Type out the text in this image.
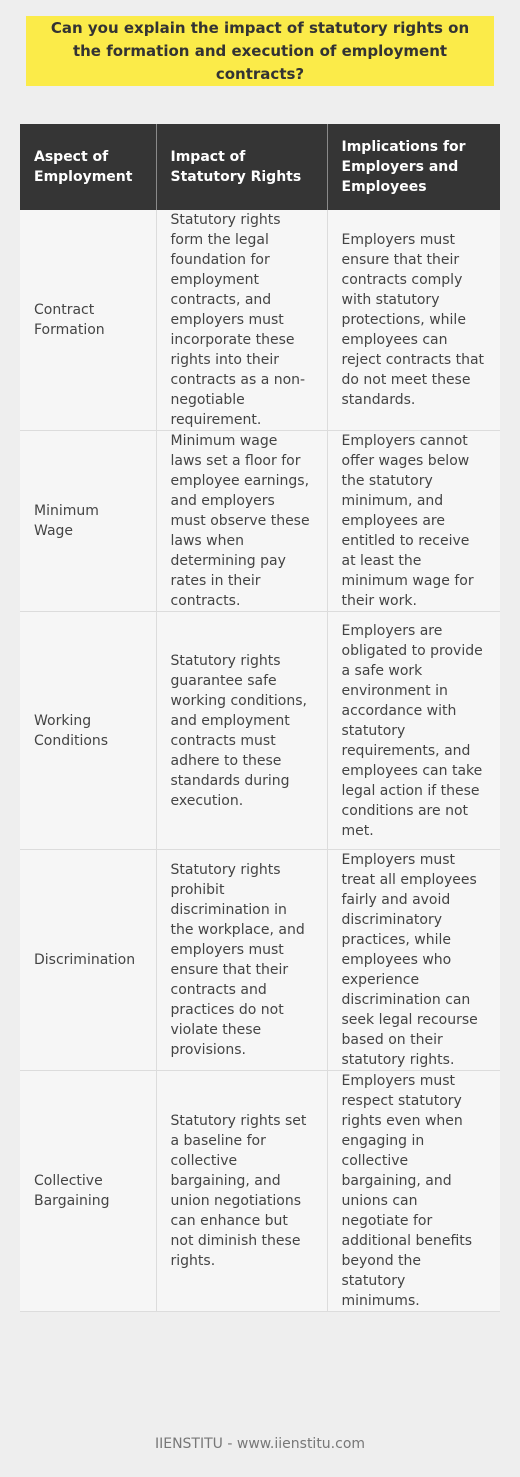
Can you explain the impact of statutory rights on the formation and execution of employment contracts?
Aspect of Employment	Impact of Statutory Rights	Implications for Employers and Employees
Contract Formation	Statutory rights form the legal foundation for employment contracts, and employers must incorporate these rights into their contracts as a non-negotiable requirement.	Employers must ensure that their contracts comply with statutory protections, while employees can reject contracts that do not meet these standards.
Minimum Wage	Minimum wage laws set a floor for employee earnings, and employers must observe these laws when determining pay rates in their contracts.	Employers cannot offer wages below the statutory minimum, and employees are entitled to receive at least the minimum wage for their work.
Working Conditions	Statutory rights guarantee safe working conditions, and employment contracts must adhere to these standards during execution.	Employers are obligated to provide a safe work environment in accordance with statutory requirements, and employees can take legal action if these conditions are not met.
Discrimination	Statutory rights prohibit discrimination in the workplace, and employers must ensure that their contracts and practices do not violate these provisions.	Employers must treat all employees fairly and avoid discriminatory practices, while employees who experience discrimination can seek legal recourse based on their statutory rights.
Collective Bargaining	Statutory rights set a baseline for collective bargaining, and union negotiations can enhance but not diminish these rights.	Employers must respect statutory rights even when engaging in collective bargaining, and unions can negotiate for additional benefits beyond the statutory minimums.
IIENSTITU - www.iienstitu.com
